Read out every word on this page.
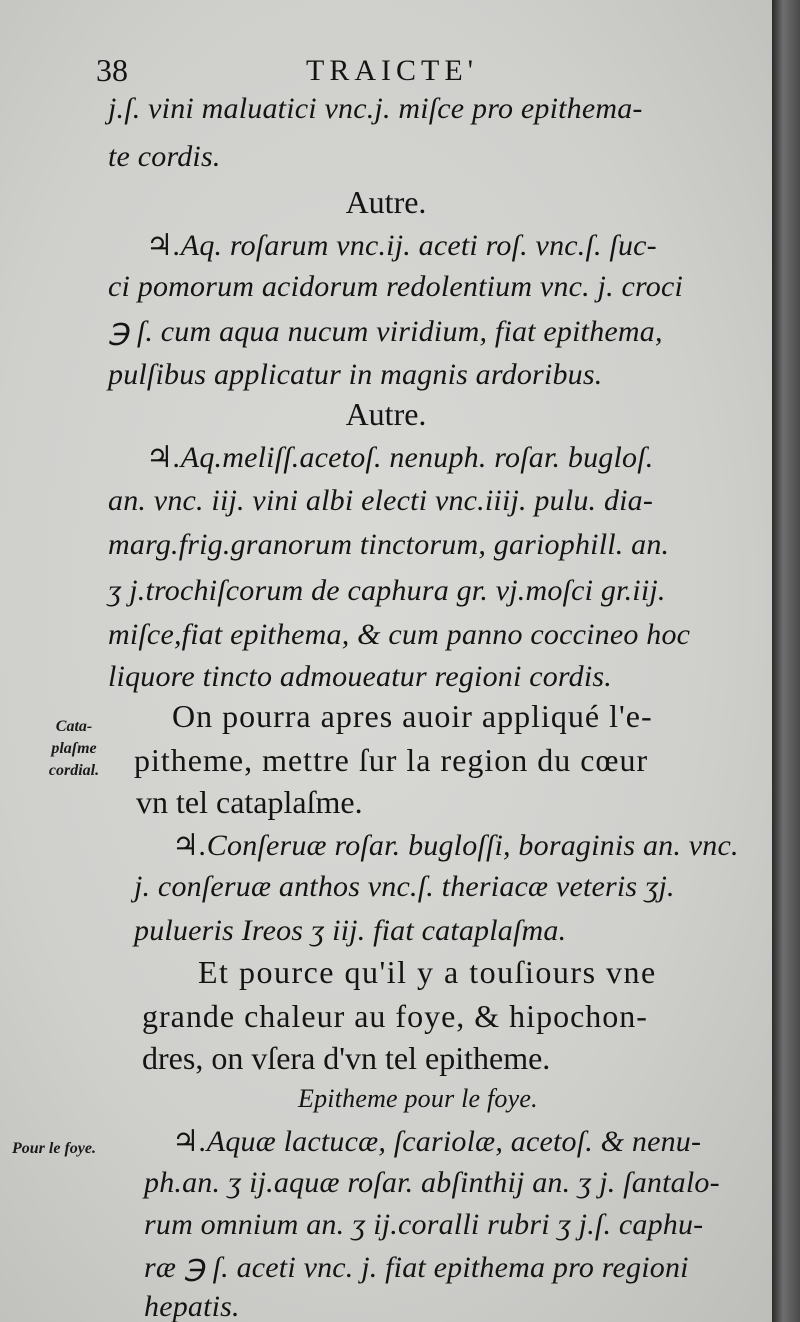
38	TRAICTE'
j.ſ. vini maluatici vnc.j. miſce pro epithema-
te cordis.
Autre.
♃.Aq. roſarum vnc.ij. aceti roſ. vnc.ſ. ſuc-
ci pomorum acidorum redolentium vnc. j. croci
℈ ſ. cum aqua nucum viridium, fiat epithema,
pulſibus applicatur in magnis ardoribus.
Autre.
♃.Aq.meliſſ.acetoſ. nenuph. roſar. bugloſ.
an. vnc. iij. vini albi electi vnc.iiij. pulu. dia-
marg.frig.granorum tinctorum, gariophill. an.
ʒ j.trochiſcorum de caphura gr. vj.moſci gr.iij.
miſce,fiat epithema, & cum panno coccineo hoc
liquore tincto admoueatur regioni cordis.
On pourra apres auoir appliqué l'e-
pitheme, mettre ſur la region du cœur
vn tel cataplaſme.
♃.Conſeruæ roſar. bugloſſi, boraginis an. vnc.
j. conſeruæ anthos vnc.ſ. theriacæ veteris ʒj.
pulueris Ireos ʒ iij. fiat cataplaſma.
Et pource qu'il y a touſiours vne
grande chaleur au foye, & hipochon-
dres, on vſera d'vn tel epitheme.
Epitheme pour le foye.
♃.Aquæ lactucæ, ſcariolæ, acetoſ. & nenu-
ph.an. ʒ ij.aquæ roſar. abſinthij an. ʒ j. ſantalo-
rum omnium an. ʒ ij.coralli rubri ʒ j.ſ. caphu-
ræ ℈ ſ. aceti vnc. j. fiat epithema pro regioni
hepatis.
Cata-
plaſme
cordial.
Pour le foye.
